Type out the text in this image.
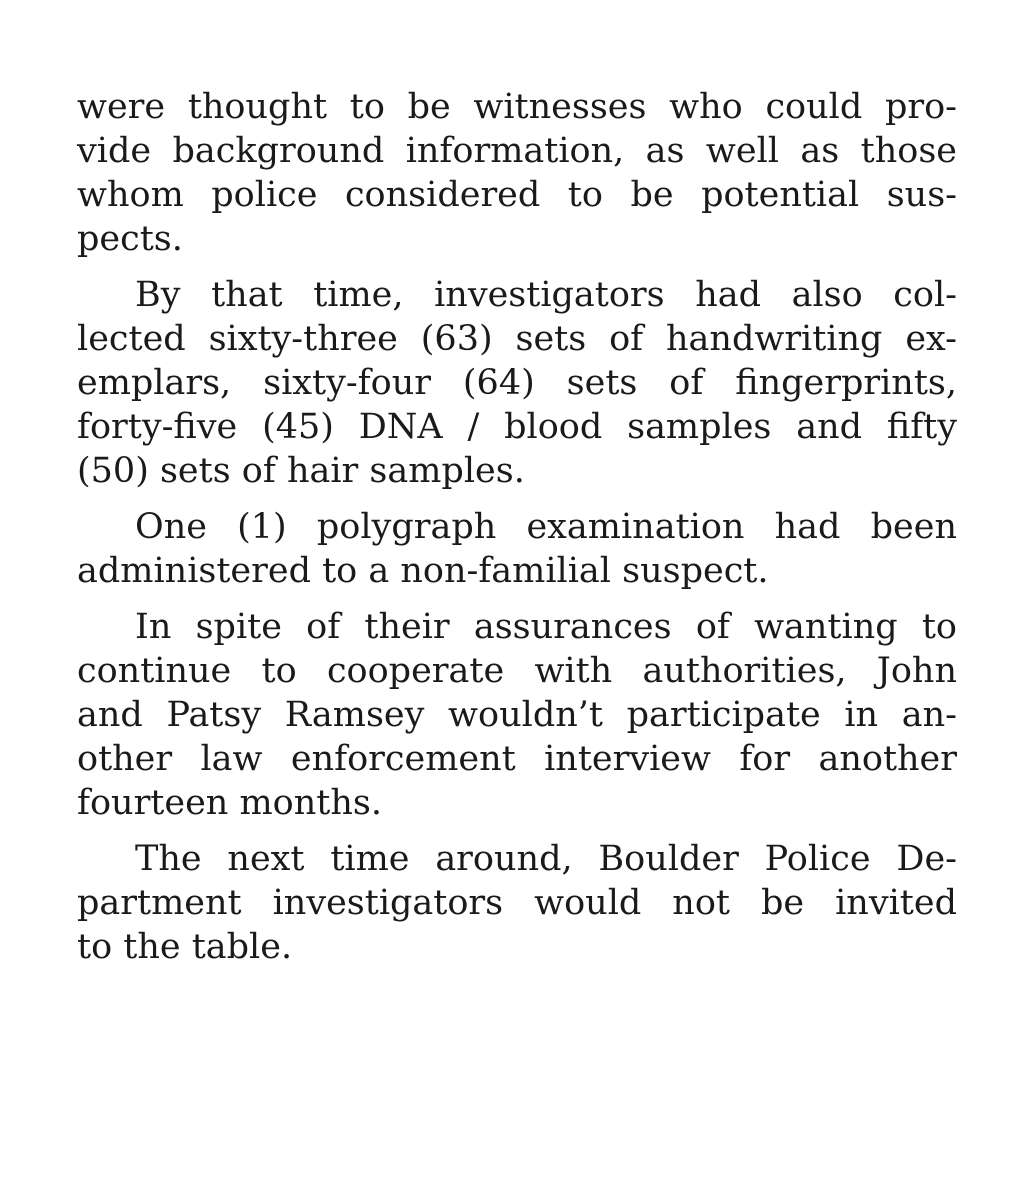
were thought to be witnesses who could pro-
vide background information, as well as those
whom police considered to be potential sus-
pects.

By that time, investigators had also col-
lected sixty-three (63) sets of handwriting ex-
emplars, sixty-four (64) sets of fingerprints,
forty-five (45) DNA / blood samples and fifty
(50) sets of hair samples.

One (1) polygraph examination had been
administered to a non-familial suspect.

In spite of their assurances of wanting to
continue to cooperate with authorities, John
and Patsy Ramsey wouldn’t participate in an-
other law enforcement interview for another
fourteen months.

The next time around, Boulder Police De-
partment investigators would not be invited
to the table.
